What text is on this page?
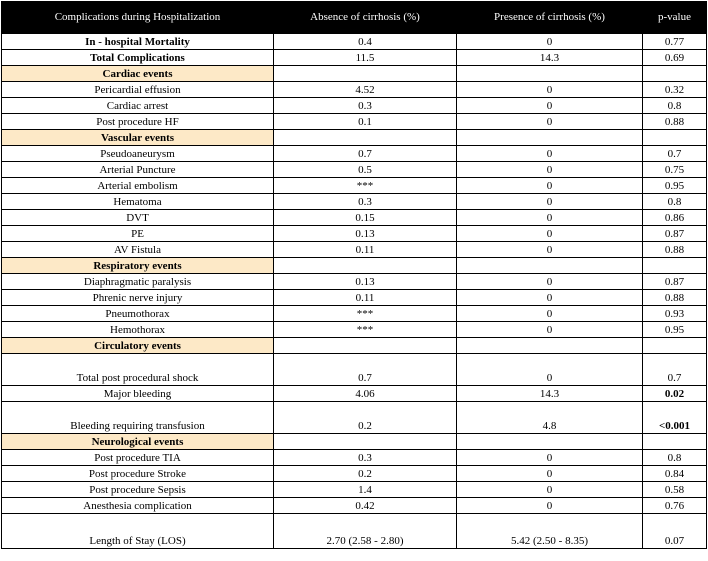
Complications during Hospitalization	Absence of cirrhosis (%)	Presence of cirrhosis (%)	p-value
In - hospital Mortality	0.4	0	0.77
Total Complications	11.5	14.3	0.69
Cardiac events			
Pericardial effusion	4.52	0	0.32
Cardiac arrest	0.3	0	0.8
Post procedure HF	0.1	0	0.88
Vascular events			
Pseudoaneurysm	0.7	0	0.7
Arterial Puncture	0.5	0	0.75
Arterial embolism	***	0	0.95
Hematoma	0.3	0	0.8
DVT	0.15	0	0.86
PE	0.13	0	0.87
AV Fistula	0.11	0	0.88
Respiratory events			
Diaphragmatic paralysis	0.13	0	0.87
Phrenic nerve injury	0.11	0	0.88
Pneumothorax	***	0	0.93
Hemothorax	***	0	0.95
Circulatory events			
Total post procedural shock	0.7	0	0.7
Major bleeding	4.06	14.3	0.02
Bleeding requiring transfusion	0.2	4.8	<0.001
Neurological events			
Post procedure TIA	0.3	0	0.8
Post procedure Stroke	0.2	0	0.84
Post procedure Sepsis	1.4	0	0.58
Anesthesia complication	0.42	0	0.76
Length of Stay (LOS)	2.70 (2.58 - 2.80)	5.42 (2.50 - 8.35)	0.07
